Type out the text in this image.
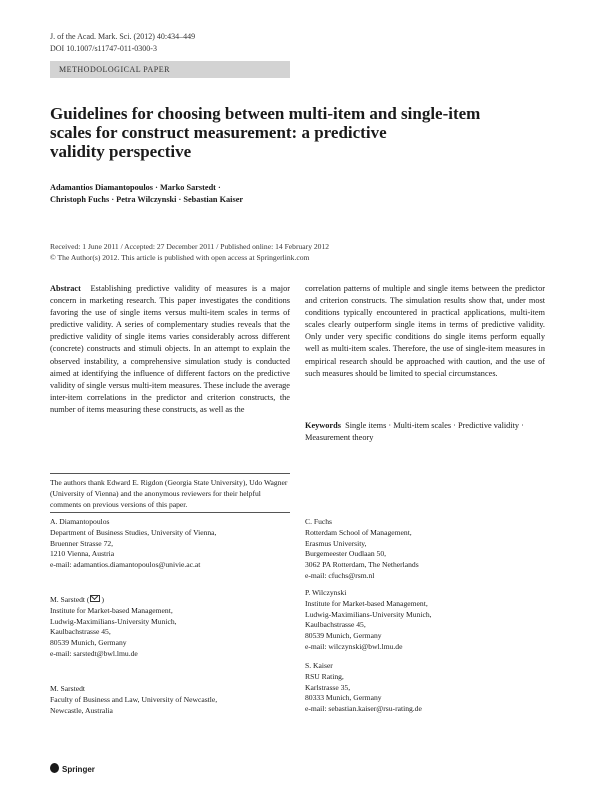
J. of the Acad. Mark. Sci. (2012) 40:434–449
DOI 10.1007/s11747-011-0300-3
METHODOLOGICAL PAPER
Guidelines for choosing between multi-item and single-item
scales for construct measurement: a predictive
validity perspective
Adamantios Diamantopoulos · Marko Sarstedt ·
Christoph Fuchs · Petra Wilczynski · Sebastian Kaiser
Received: 1 June 2011 / Accepted: 27 December 2011 / Published online: 14 February 2012
© The Author(s) 2012. This article is published with open access at Springerlink.com

Abstract Establishing predictive validity of measures is a major concern in marketing research. This paper investigates the conditions favoring the use of single items versus multi-item scales in terms of predictive validity. A series of complementary studies reveals that the predictive validity of single items varies considerably across different (concrete) constructs and stimuli objects. In an attempt to explain the observed instability, a comprehensive simulation study is conducted aimed at identifying the influence of different factors on the predictive validity of single versus multi-item measures. These include the average inter-item correlations in the predictor and criterion constructs, the number of items measuring these constructs, as well as the

correlation patterns of multiple and single items between the predictor and criterion constructs. The simulation results show that, under most conditions typically encountered in practical applications, multi-item scales clearly outperform single items in terms of predictive validity. Only under very specific conditions do single items perform equally well as multi-item scales. Therefore, the use of single-item measures in empirical research should be approached with caution, and the use of such measures should be limited to special circumstances.

Keywords Single items · Multi-item scales · Predictive validity · Measurement theory
The authors thank Edward E. Rigdon (Georgia State University), Udo Wagner (University of Vienna) and the anonymous reviewers for their helpful comments on previous versions of this paper.
A. Diamantopoulos
Department of Business Studies, University of Vienna,
Bruenner Strasse 72,
1210 Vienna, Austria
e-mail: adamantios.diamantopoulos@univie.ac.at
M. Sarstedt ( )
Institute for Market-based Management,
Ludwig-Maximilians-University Munich,
Kaulbachstrasse 45,
80539 Munich, Germany
e-mail: sarstedt@bwl.lmu.de
M. Sarstedt
Faculty of Business and Law, University of Newcastle,
Newcastle, Australia
C. Fuchs
Rotterdam School of Management,
Erasmus University,
Burgemeester Oudlaan 50,
3062 PA Rotterdam, The Netherlands
e-mail: cfuchs@rsm.nl
P. Wilczynski
Institute for Market-based Management,
Ludwig-Maximilians-University Munich,
Kaulbachstrasse 45,
80539 Munich, Germany
e-mail: wilczynski@bwl.lmu.de
S. Kaiser
RSU Rating,
Karlstrasse 35,
80333 Munich, Germany
e-mail: sebastian.kaiser@rsu-rating.de
Springer
